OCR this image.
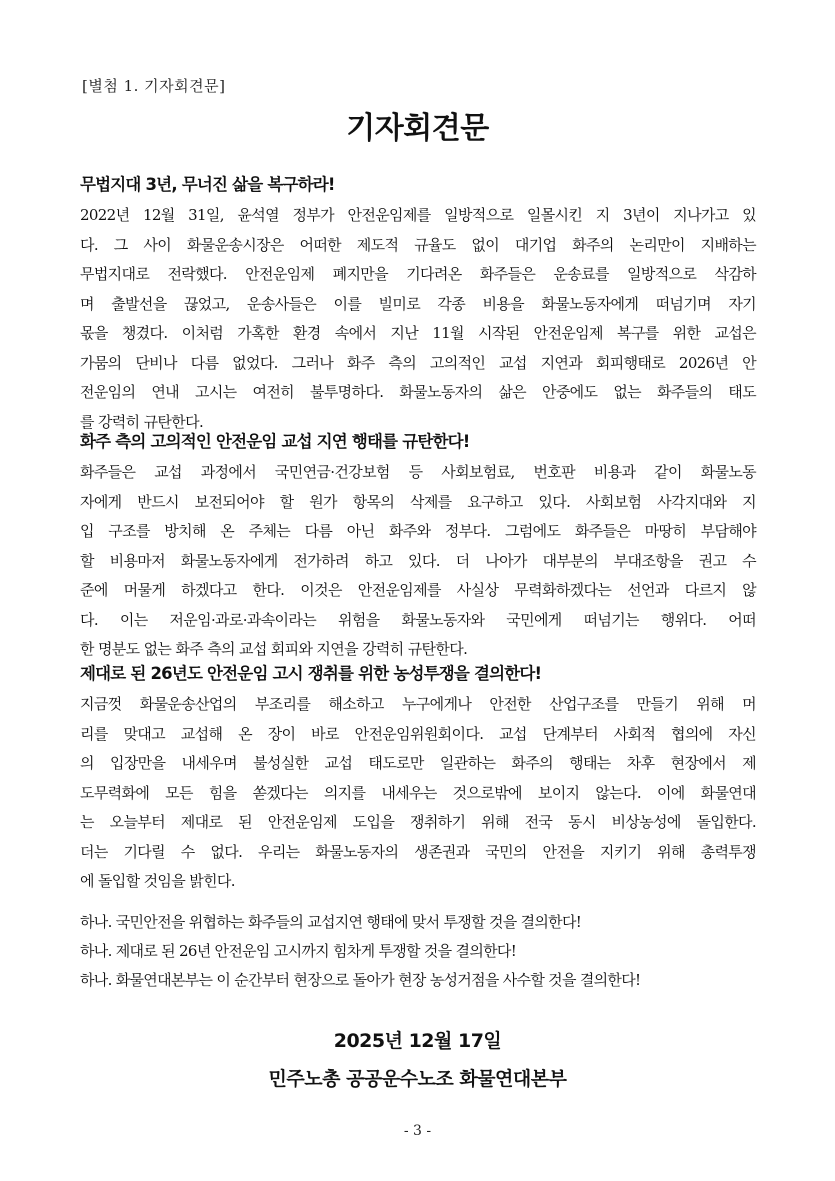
[별첨 1. 기자회견문]
기자회견문
무법지대 3년, 무너진 삶을 복구하라!
2022년 12월 31일, 윤석열 정부가 안전운임제를 일방적으로 일몰시킨 지 3년이 지나가고 있
다. 그 사이 화물운송시장은 어떠한 제도적 규율도 없이 대기업 화주의 논리만이 지배하는
무법지대로 전락했다. 안전운임제 폐지만을 기다려온 화주들은 운송료를 일방적으로 삭감하
며 출발선을 끊었고, 운송사들은 이를 빌미로 각종 비용을 화물노동자에게 떠넘기며 자기
몫을 챙겼다. 이처럼 가혹한 환경 속에서 지난 11월 시작된 안전운임제 복구를 위한 교섭은
가뭄의 단비나 다름 없었다. 그러나 화주 측의 고의적인 교섭 지연과 회피행태로 2026년 안
전운임의 연내 고시는 여전히 불투명하다. 화물노동자의 삶은 안중에도 없는 화주들의 태도
를 강력히 규탄한다.
화주 측의 고의적인 안전운임 교섭 지연 행태를 규탄한다!
화주들은 교섭 과정에서 국민연금·건강보험 등 사회보험료, 번호판 비용과 같이 화물노동
자에게 반드시 보전되어야 할 원가 항목의 삭제를 요구하고 있다. 사회보험 사각지대와 지
입 구조를 방치해 온 주체는 다름 아닌 화주와 정부다. 그럼에도 화주들은 마땅히 부담해야
할 비용마저 화물노동자에게 전가하려 하고 있다. 더 나아가 대부분의 부대조항을 권고 수
준에 머물게 하겠다고 한다. 이것은 안전운임제를 사실상 무력화하겠다는 선언과 다르지 않
다. 이는 저운임·과로·과속이라는 위험을 화물노동자와 국민에게 떠넘기는 행위다. 어떠
한 명분도 없는 화주 측의 교섭 회피와 지연을 강력히 규탄한다.
제대로 된 26년도 안전운임 고시 쟁취를 위한 농성투쟁을 결의한다!
지금껏 화물운송산업의 부조리를 해소하고 누구에게나 안전한 산업구조를 만들기 위해 머
리를 맞대고 교섭해 온 장이 바로 안전운임위원회이다. 교섭 단계부터 사회적 협의에 자신
의 입장만을 내세우며 불성실한 교섭 태도로만 일관하는 화주의 행태는 차후 현장에서 제
도무력화에 모든 힘을 쏟겠다는 의지를 내세우는 것으로밖에 보이지 않는다. 이에 화물연대
는 오늘부터 제대로 된 안전운임제 도입을 쟁취하기 위해 전국 동시 비상농성에 돌입한다.
더는 기다릴 수 없다. 우리는 화물노동자의 생존권과 국민의 안전을 지키기 위해 총력투쟁
에 돌입할 것임을 밝힌다.

하나. 국민안전을 위협하는 화주들의 교섭지연 행태에 맞서 투쟁할 것을 결의한다!

하나. 제대로 된 26년 안전운임 고시까지 힘차게 투쟁할 것을 결의한다!

하나. 화물연대본부는 이 순간부터 현장으로 돌아가 현장 농성거점을 사수할 것을 결의한다!

2025년 12월 17일

민주노총 공공운수노조 화물연대본부

- 3 -
